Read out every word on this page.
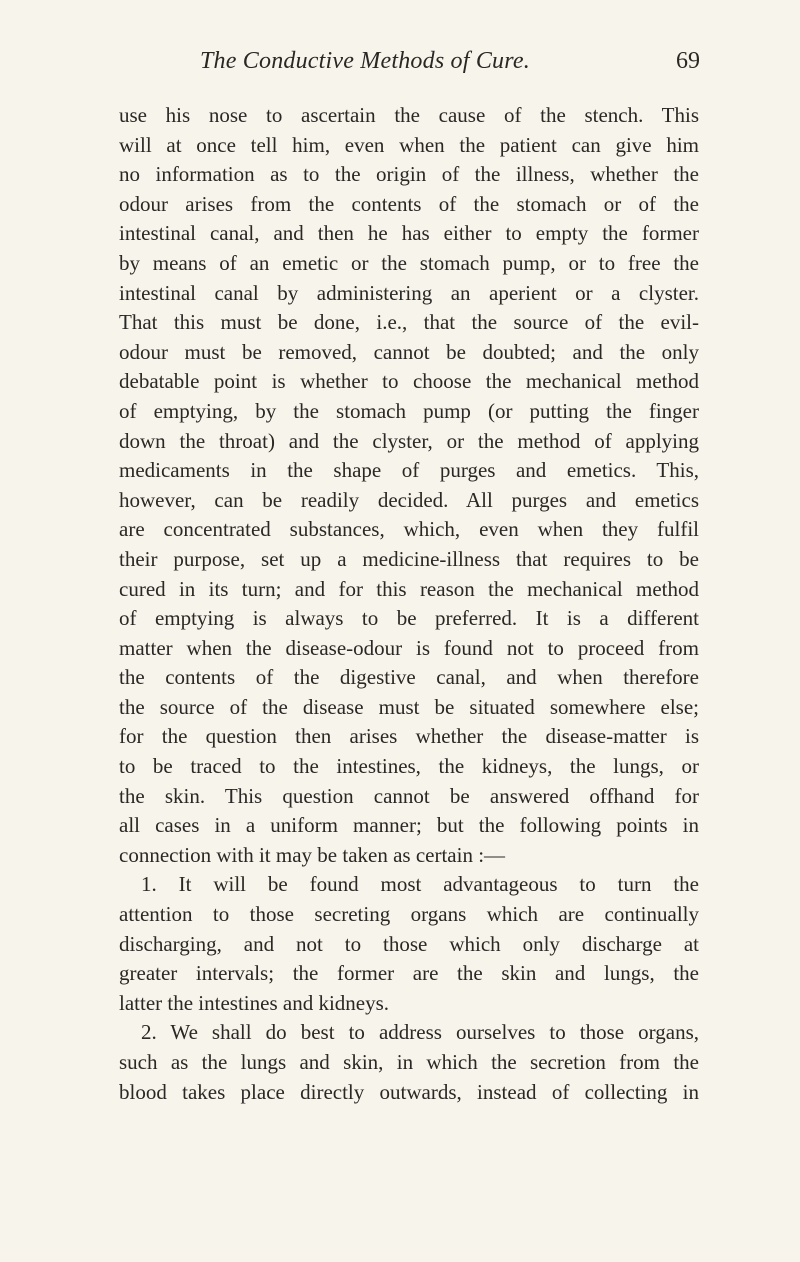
The Conductive Methods of Cure.	69
use his nose to ascertain the cause of the stench. This
will at once tell him, even when the patient can give him
no information as to the origin of the illness, whether the
odour arises from the contents of the stomach or of the
intestinal canal, and then he has either to empty the former
by means of an emetic or the stomach pump, or to free the
intestinal canal by administering an aperient or a clyster.
That this must be done, i.e., that the source of the evil-
odour must be removed, cannot be doubted; and the only
debatable point is whether to choose the mechanical method
of emptying, by the stomach pump (or putting the finger
down the throat) and the clyster, or the method of applying
medicaments in the shape of purges and emetics. This,
however, can be readily decided. All purges and emetics
are concentrated substances, which, even when they fulfil
their purpose, set up a medicine-illness that requires to be
cured in its turn; and for this reason the mechanical method
of emptying is always to be preferred. It is a different
matter when the disease-odour is found not to proceed from
the contents of the digestive canal, and when therefore
the source of the disease must be situated somewhere else;
for the question then arises whether the disease-matter is
to be traced to the intestines, the kidneys, the lungs, or
the skin. This question cannot be answered offhand for
all cases in a uniform manner; but the following points in
connection with it may be taken as certain :—
1. It will be found most advantageous to turn the
attention to those secreting organs which are continually
discharging, and not to those which only discharge at
greater intervals; the former are the skin and lungs, the
latter the intestines and kidneys.
2. We shall do best to address ourselves to those organs,
such as the lungs and skin, in which the secretion from the
blood takes place directly outwards, instead of collecting in
